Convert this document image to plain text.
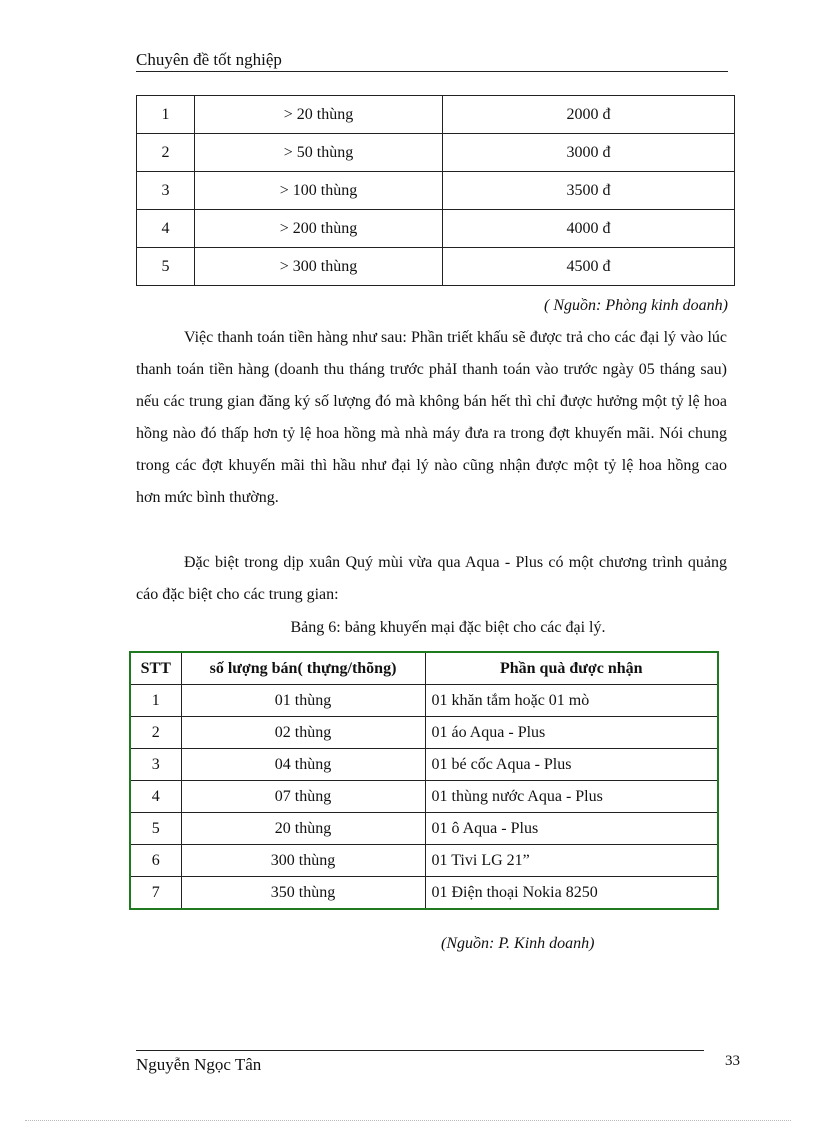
Chuyên đề tốt nghiệp
1	> 20 thùng	2000 đ
2	> 50 thùng	3000 đ
3	> 100 thùng	3500 đ
4	> 200 thùng	4000 đ
5	> 300 thùng	4500 đ
( Nguồn: Phòng kinh doanh)

Việc thanh toán tiền hàng như sau: Phần triết khấu sẽ được trả cho các đại lý vào lúc thanh toán tiền hàng (doanh thu tháng trước phảI thanh toán vào trước ngày 05 tháng sau) nếu các trung gian đăng ký số lượng đó mà không bán hết thì chỉ được hưởng một tỷ lệ hoa hồng nào đó thấp hơn tỷ lệ hoa hồng mà nhà máy đưa ra trong đợt khuyến mãi. Nói chung trong các đợt khuyến mãi thì hầu như đại lý nào cũng nhận được một tỷ lệ hoa hồng cao hơn mức bình thường.

Đặc biệt trong dịp xuân Quý mùi vừa qua Aqua - Plus có một chương trình quảng cáo đặc biệt cho các trung gian:

Bảng 6: bảng khuyến mại đặc biệt cho các đại lý.
STT	số lượng bán( thựng/thõng)	Phần quà được nhận
1	01 thùng	01 khăn tắm hoặc 01 mò
2	02 thùng	01 áo Aqua - Plus
3	04 thùng	01 bé cốc Aqua - Plus
4	07 thùng	01 thùng nước Aqua - Plus
5	20 thùng	01 ô Aqua - Plus
6	300 thùng	01 Tivi LG 21”
7	350 thùng	01 Điện thoại Nokia 8250
(Nguồn: P. Kinh doanh)
Nguyễn Ngọc Tân	33
